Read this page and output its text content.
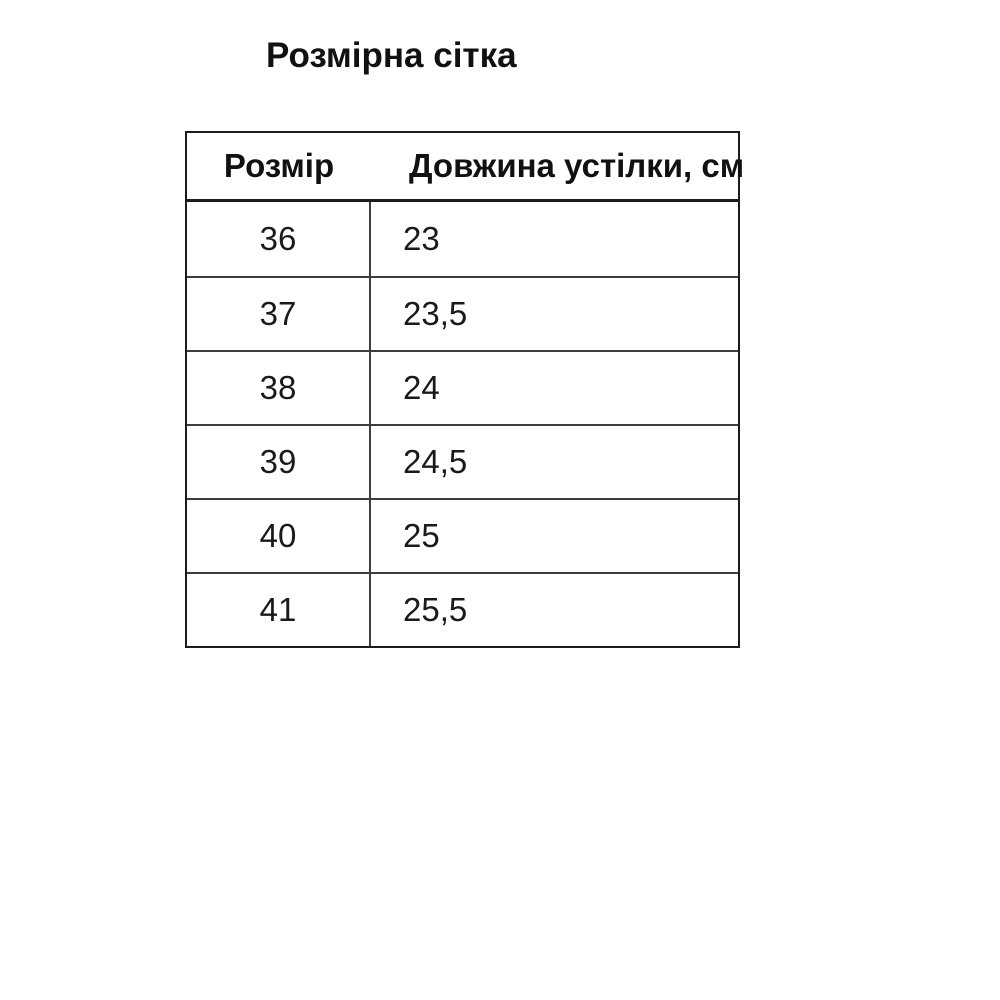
Розмірна сітка
Розмір	Довжина устілки, см
36	23
37	23,5
38	24
39	24,5
40	25
41	25,5
